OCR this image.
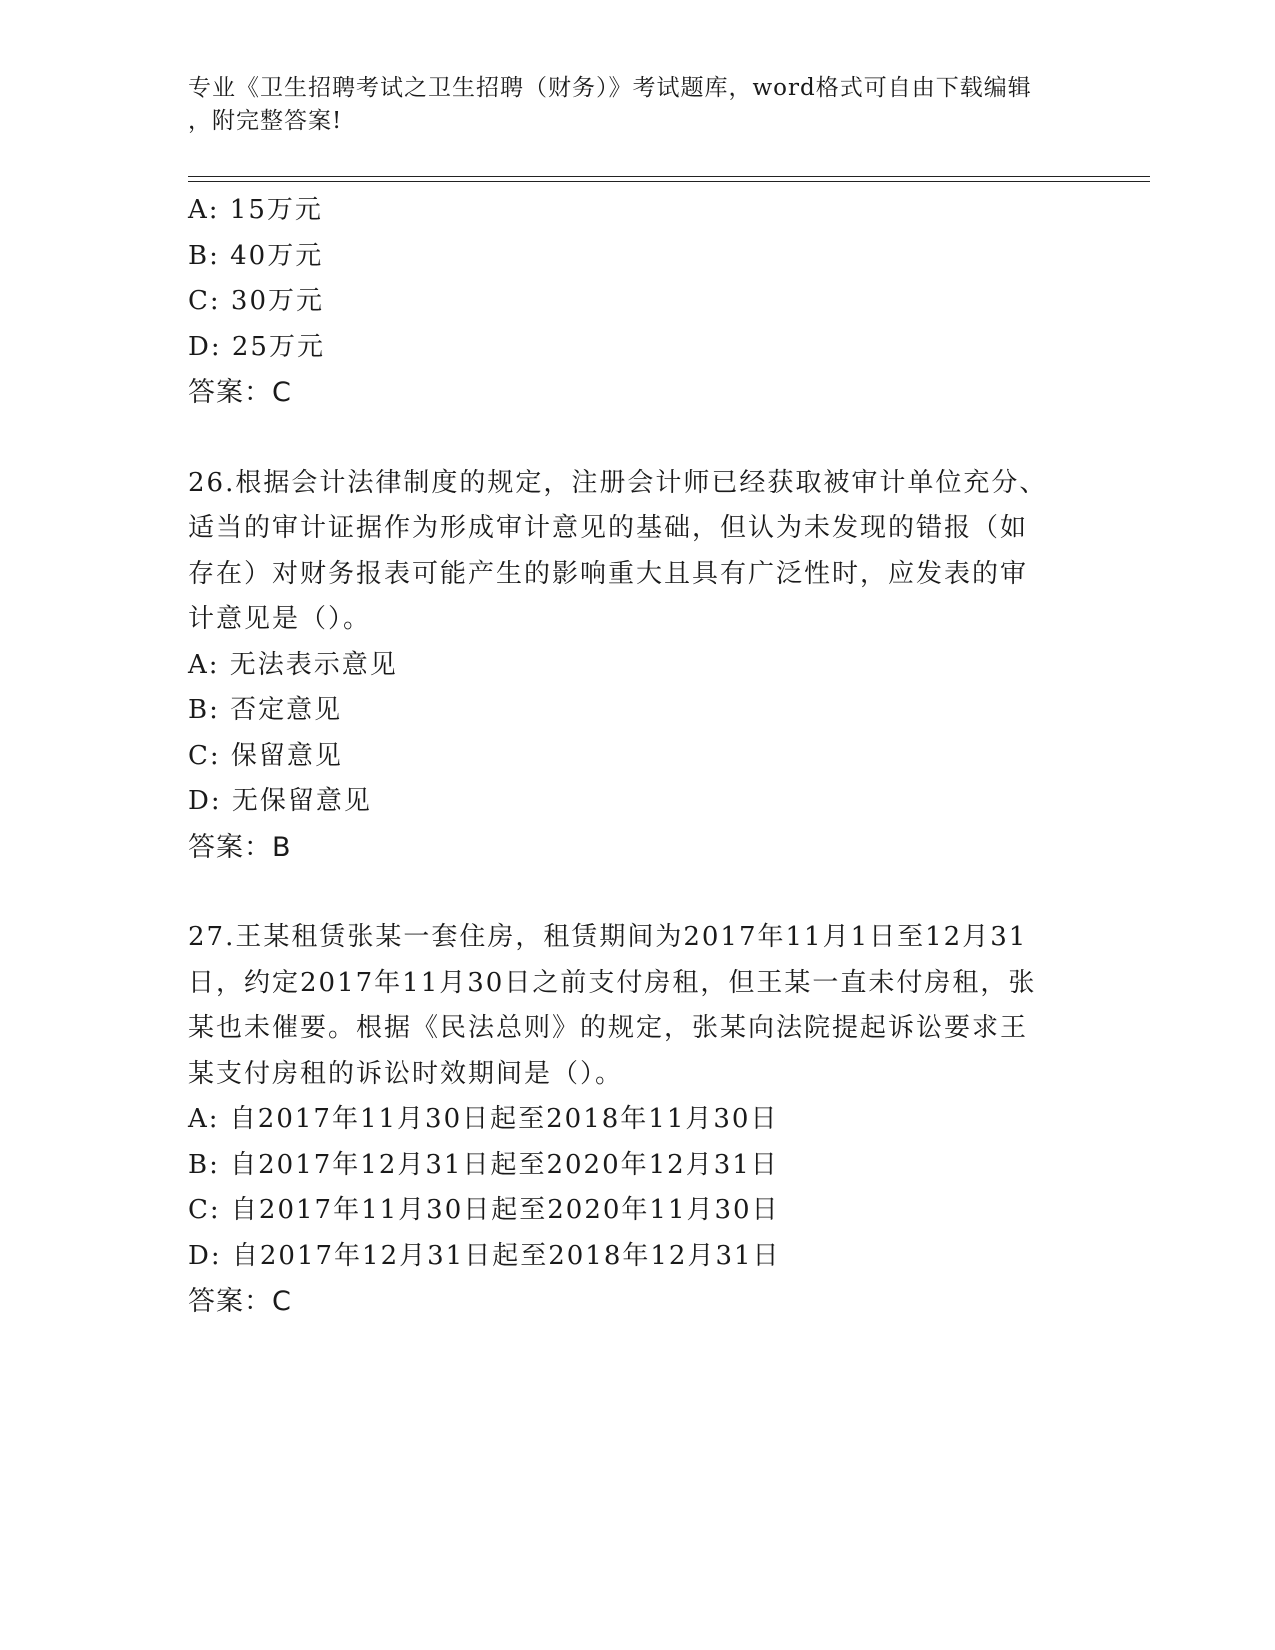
专业《卫生招聘考试之卫生招聘（财务）》考试题库，word格式可自由下载编辑
，附完整答案!
A: 15万元
B: 40万元
C: 30万元
D: 25万元
答案：C
26.根据会计法律制度的规定，注册会计师已经获取被审计单位充分、
适当的审计证据作为形成审计意见的基础，但认为未发现的错报（如
存在）对财务报表可能产生的影响重大且具有广泛性时，应发表的审
计意见是（）。
A: 无法表示意见
B: 否定意见
C: 保留意见
D: 无保留意见
答案：B
27.王某租赁张某一套住房，租赁期间为2017年11月1日至12月31
日，约定2017年11月30日之前支付房租，但王某一直未付房租，张
某也未催要。根据《民法总则》的规定，张某向法院提起诉讼要求王
某支付房租的诉讼时效期间是（）。
A: 自2017年11月30日起至2018年11月30日
B: 自2017年12月31日起至2020年12月31日
C: 自2017年11月30日起至2020年11月30日
D: 自2017年12月31日起至2018年12月31日
答案：C
